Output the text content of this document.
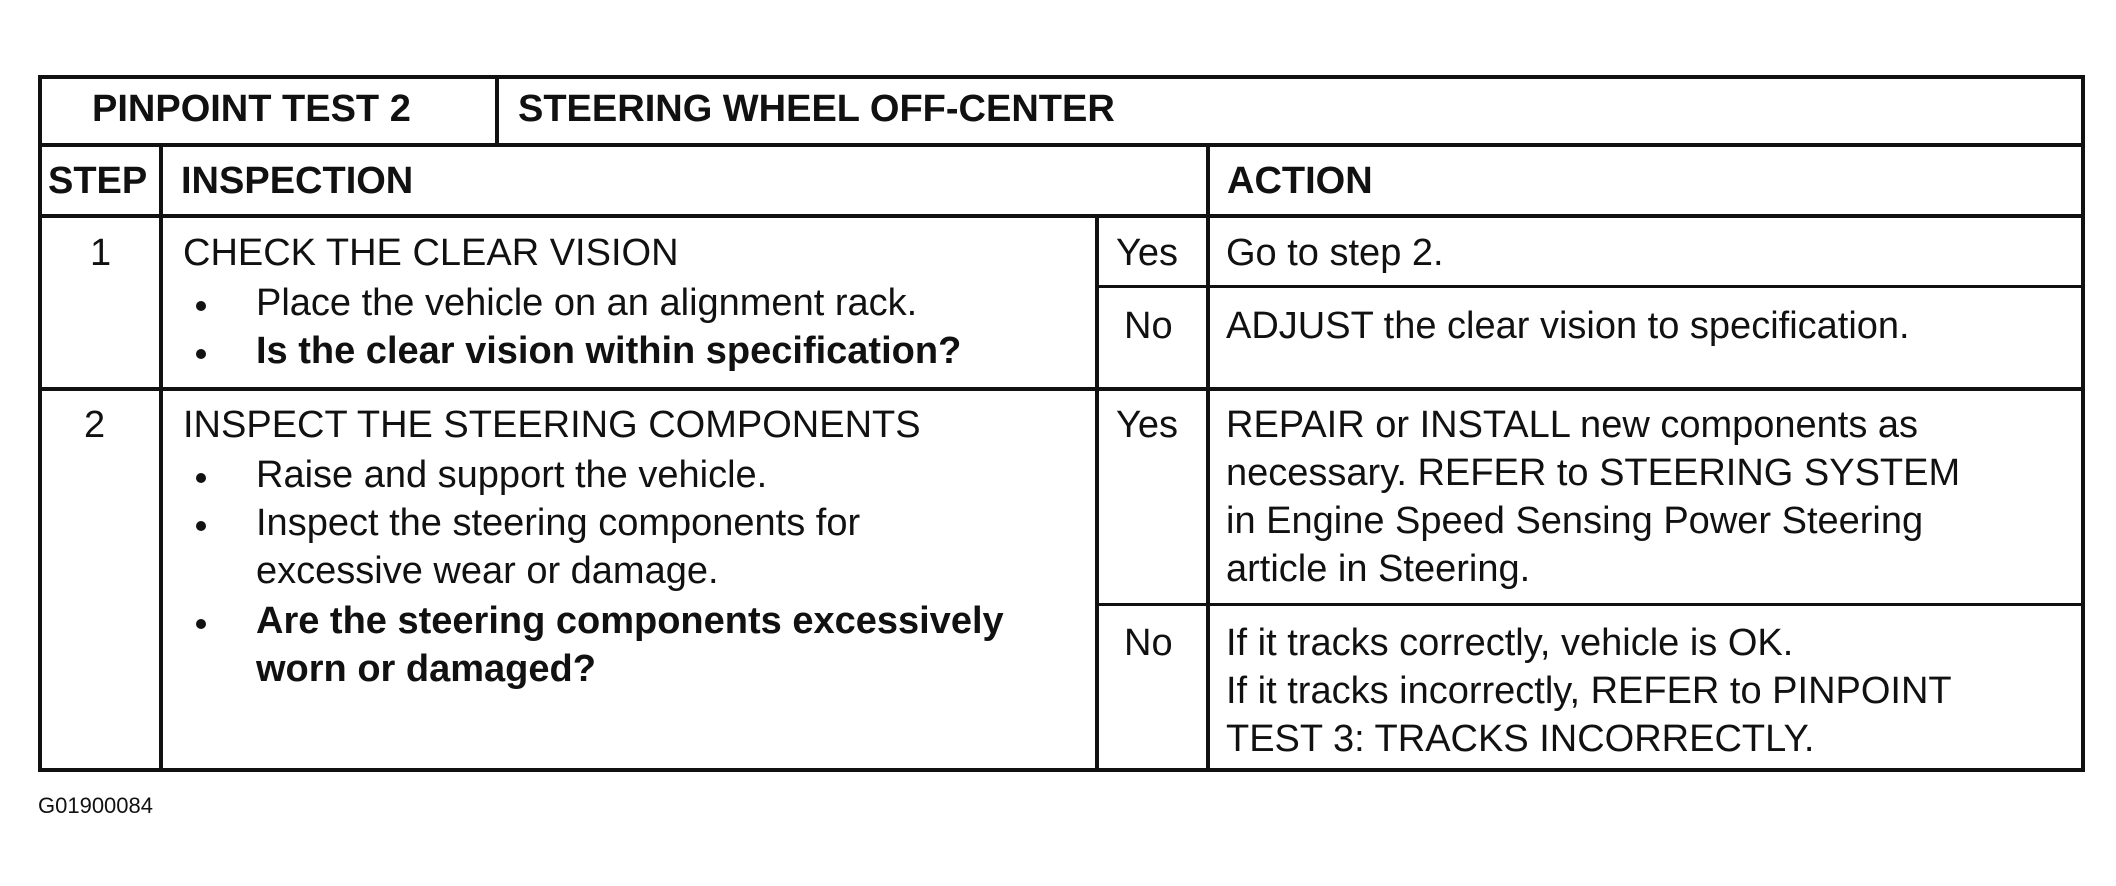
PINPOINT TEST 2	STEERING WHEEL OFF-CENTER
STEP INSPECTION	ACTION
1 CHECK THE CLEAR VISION
Place the vehicle on an alignment rack.
Is the clear vision within specification?
Yes Go to step 2.
No ADJUST the clear vision to specification.
2 INSPECT THE STEERING COMPONENTS
Raise and support the vehicle.
Inspect the steering components for
excessive wear or damage.
Are the steering components excessively
worn or damaged?
Yes REPAIR or INSTALL new components as
necessary. REFER to STEERING SYSTEM
in Engine Speed Sensing Power Steering
article in Steering.
No If it tracks correctly, vehicle is OK.
If it tracks incorrectly, REFER to PINPOINT
TEST 3: TRACKS INCORRECTLY.
G01900084
